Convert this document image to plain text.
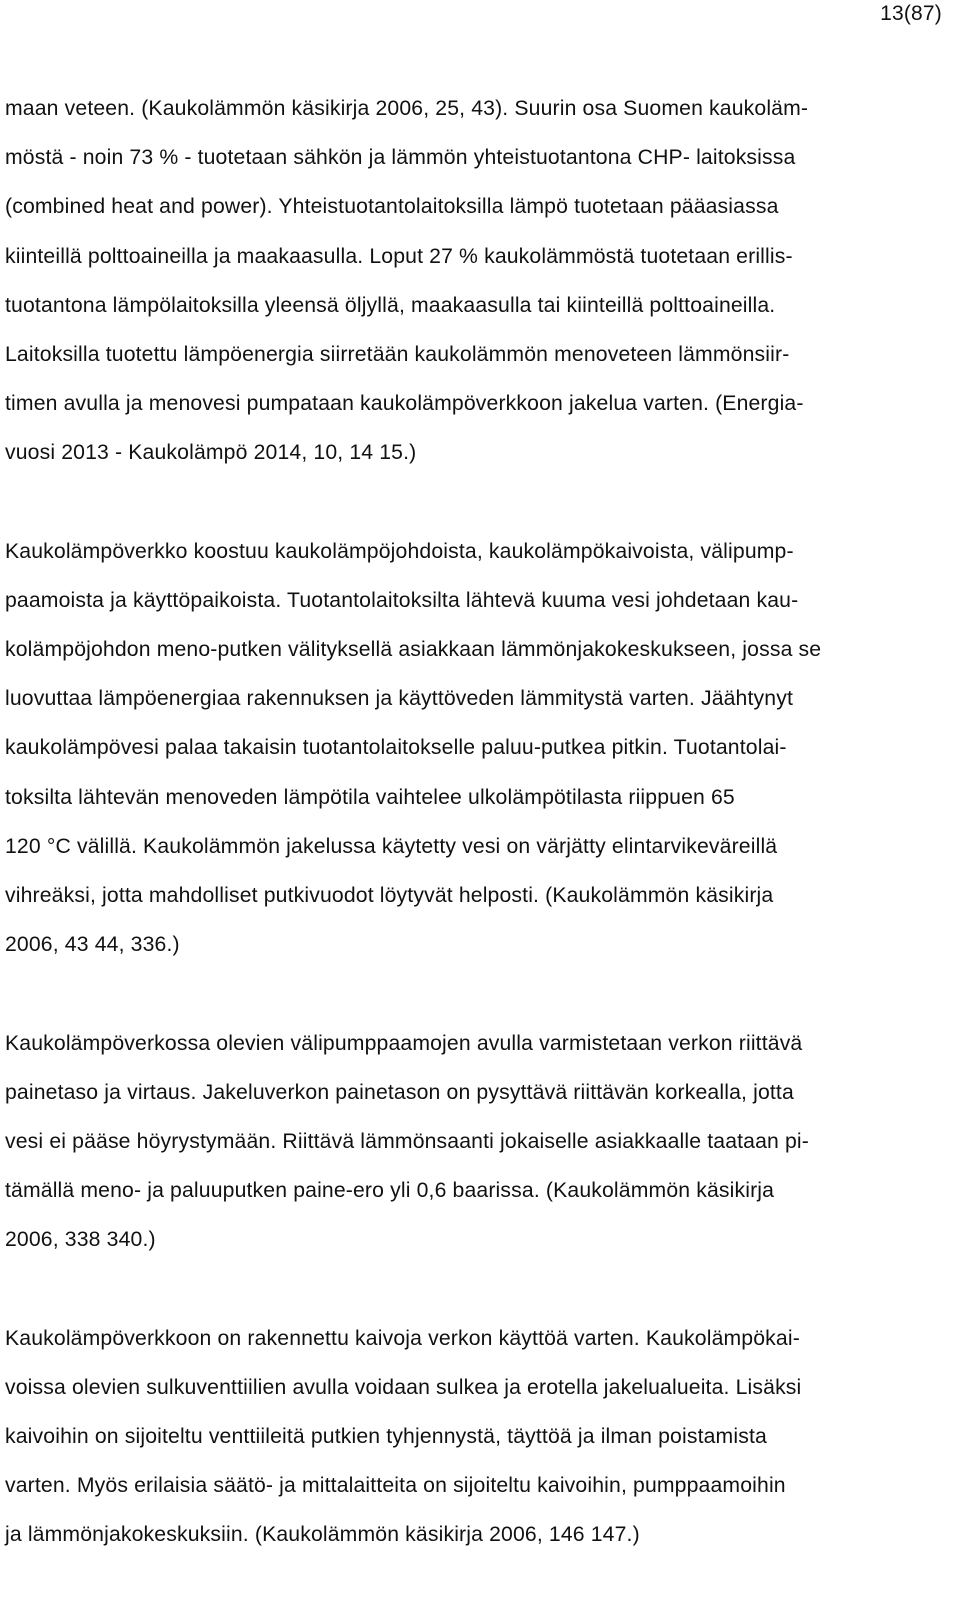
13(87)
maan veteen. (Kaukolämmön käsikirja 2006, 25, 43). Suurin osa Suomen kaukoläm-
möstä - noin 73 % - tuotetaan sähkön ja lämmön yhteistuotantona CHP- laitoksissa
(combined heat and power). Yhteistuotantolaitoksilla lämpö tuotetaan pääasiassa
kiinteillä polttoaineilla ja maakaasulla. Loput 27 % kaukolämmöstä tuotetaan erillis-
tuotantona lämpölaitoksilla yleensä öljyllä, maakaasulla tai kiinteillä polttoaineilla.
Laitoksilla tuotettu lämpöenergia siirretään kaukolämmön menoveteen lämmönsiir-
timen avulla ja menovesi pumpataan kaukolämpöverkkoon jakelua varten. (Energia-
vuosi 2013 - Kaukolämpö 2014, 10, 14 15.)
Kaukolämpöverkko koostuu kaukolämpöjohdoista, kaukolämpökaivoista, välipump-
paamoista ja käyttöpaikoista. Tuotantolaitoksilta lähtevä kuuma vesi johdetaan kau-
kolämpöjohdon meno-putken välityksellä asiakkaan lämmönjakokeskukseen, jossa se
luovuttaa lämpöenergiaa rakennuksen ja käyttöveden lämmitystä varten. Jäähtynyt
kaukolämpövesi palaa takaisin tuotantolaitokselle paluu-putkea pitkin. Tuotantolai-
toksilta lähtevän menoveden lämpötila vaihtelee ulkolämpötilasta riippuen 65
120 °C välillä. Kaukolämmön jakelussa käytetty vesi on värjätty elintarvikeväreillä
vihreäksi, jotta mahdolliset putkivuodot löytyvät helposti. (Kaukolämmön käsikirja
2006, 43 44, 336.)
Kaukolämpöverkossa olevien välipumppaamojen avulla varmistetaan verkon riittävä
painetaso ja virtaus. Jakeluverkon painetason on pysyttävä riittävän korkealla, jotta
vesi ei pääse höyrystymään. Riittävä lämmönsaanti jokaiselle asiakkaalle taataan pi-
tämällä meno- ja paluuputken paine-ero yli 0,6 baarissa. (Kaukolämmön käsikirja
2006, 338 340.)
Kaukolämpöverkkoon on rakennettu kaivoja verkon käyttöä varten. Kaukolämpökai-
voissa olevien sulkuventtiilien avulla voidaan sulkea ja erotella jakelualueita. Lisäksi
kaivoihin on sijoiteltu venttiileitä putkien tyhjennystä, täyttöä ja ilman poistamista
varten. Myös erilaisia säätö- ja mittalaitteita on sijoiteltu kaivoihin, pumppaamoihin
ja lämmönjakokeskuksiin. (Kaukolämmön käsikirja 2006, 146 147.)
